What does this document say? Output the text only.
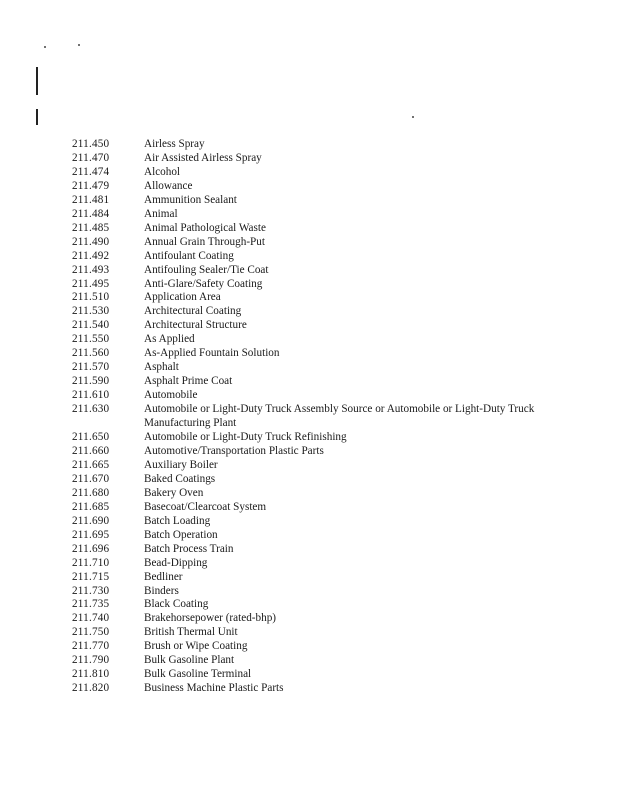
211.450	Airless Spray
211.470	Air Assisted Airless Spray
211.474	Alcohol
211.479	Allowance
211.481	Ammunition Sealant
211.484	Animal
211.485	Animal Pathological Waste
211.490	Annual Grain Through-Put
211.492	Antifoulant Coating
211.493	Antifouling Sealer/Tie Coat
211.495	Anti-Glare/Safety Coating
211.510	Application Area
211.530	Architectural Coating
211.540	Architectural Structure
211.550	As Applied
211.560	As-Applied Fountain Solution
211.570	Asphalt
211.590	Asphalt Prime Coat
211.610	Automobile
211.630	Automobile or Light-Duty Truck Assembly Source or Automobile or Light-Duty Truck Manufacturing Plant
211.650	Automobile or Light-Duty Truck Refinishing
211.660	Automotive/Transportation Plastic Parts
211.665	Auxiliary Boiler
211.670	Baked Coatings
211.680	Bakery Oven
211.685	Basecoat/Clearcoat System
211.690	Batch Loading
211.695	Batch Operation
211.696	Batch Process Train
211.710	Bead-Dipping
211.715	Bedliner
211.730	Binders
211.735	Black Coating
211.740	Brakehorsepower (rated-bhp)
211.750	British Thermal Unit
211.770	Brush or Wipe Coating
211.790	Bulk Gasoline Plant
211.810	Bulk Gasoline Terminal
211.820	Business Machine Plastic Parts
